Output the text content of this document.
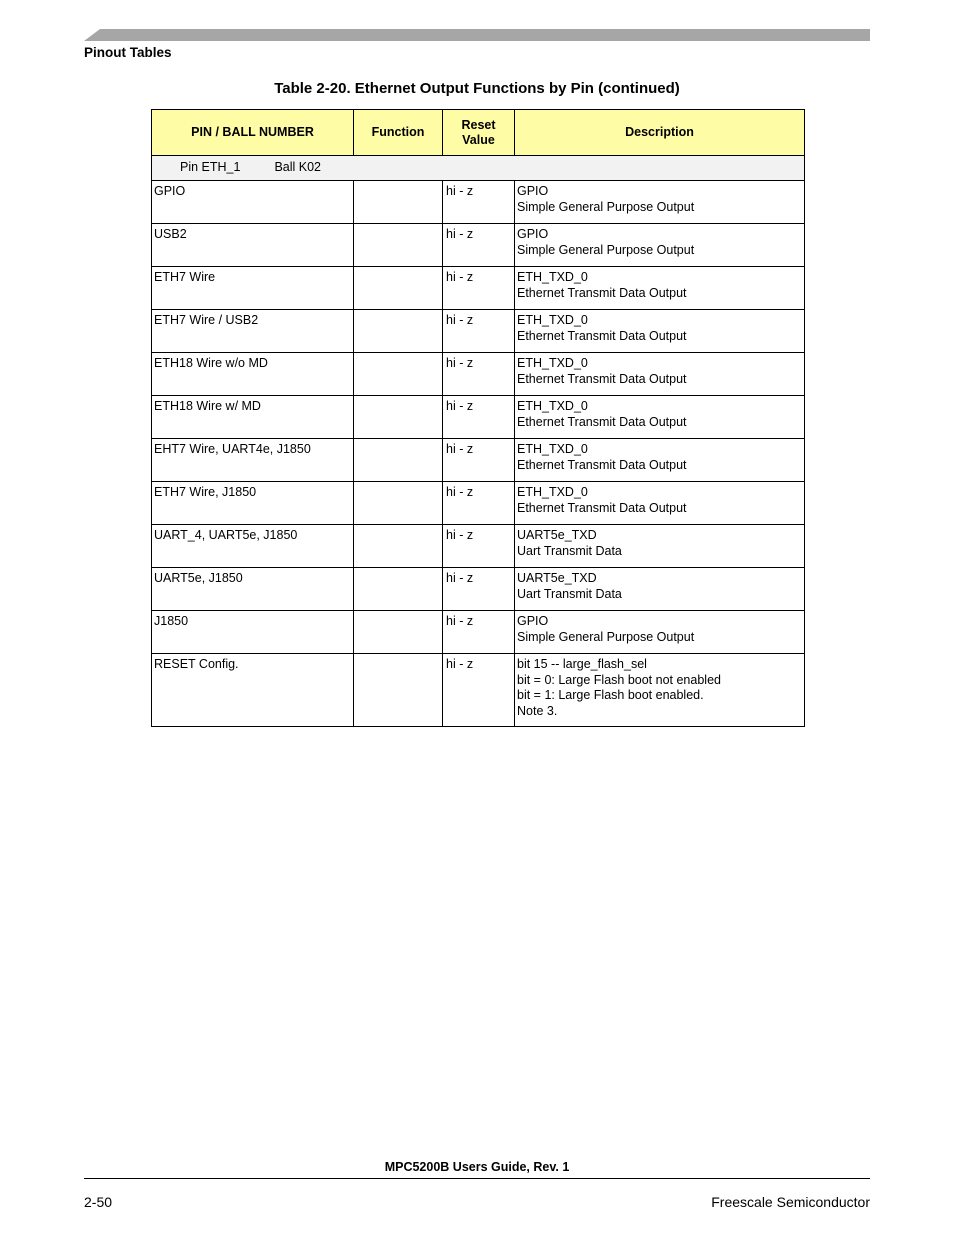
Pinout Tables
Table 2-20. Ethernet Output Functions by Pin (continued)
PIN / BALL NUMBER	Function	Reset Value	Description

Pin ETH_1 Ball K02			

GPIO		hi - z	GPIO
Simple General Purpose Output

USB2		hi - z	GPIO
Simple General Purpose Output

ETH7 Wire		hi - z	ETH_TXD_0
Ethernet Transmit Data Output

ETH7 Wire / USB2		hi - z	ETH_TXD_0
Ethernet Transmit Data Output

ETH18 Wire w/o MD		hi - z	ETH_TXD_0
Ethernet Transmit Data Output

ETH18 Wire w/ MD		hi - z	ETH_TXD_0
Ethernet Transmit Data Output

EHT7 Wire, UART4e, J1850		hi - z	ETH_TXD_0
Ethernet Transmit Data Output

ETH7 Wire, J1850		hi - z	ETH_TXD_0
Ethernet Transmit Data Output

UART_4, UART5e, J1850		hi - z	UART5e_TXD
Uart Transmit Data

UART5e, J1850		hi - z	UART5e_TXD
Uart Transmit Data

J1850		hi - z	GPIO
Simple General Purpose Output

RESET Config.		hi - z	bit 15 -- large_flash_sel
bit = 0: Large Flash boot not enabled
bit = 1: Large Flash boot enabled.
Note 3.
MPC5200B Users Guide, Rev. 1
2-50	Freescale Semiconductor
